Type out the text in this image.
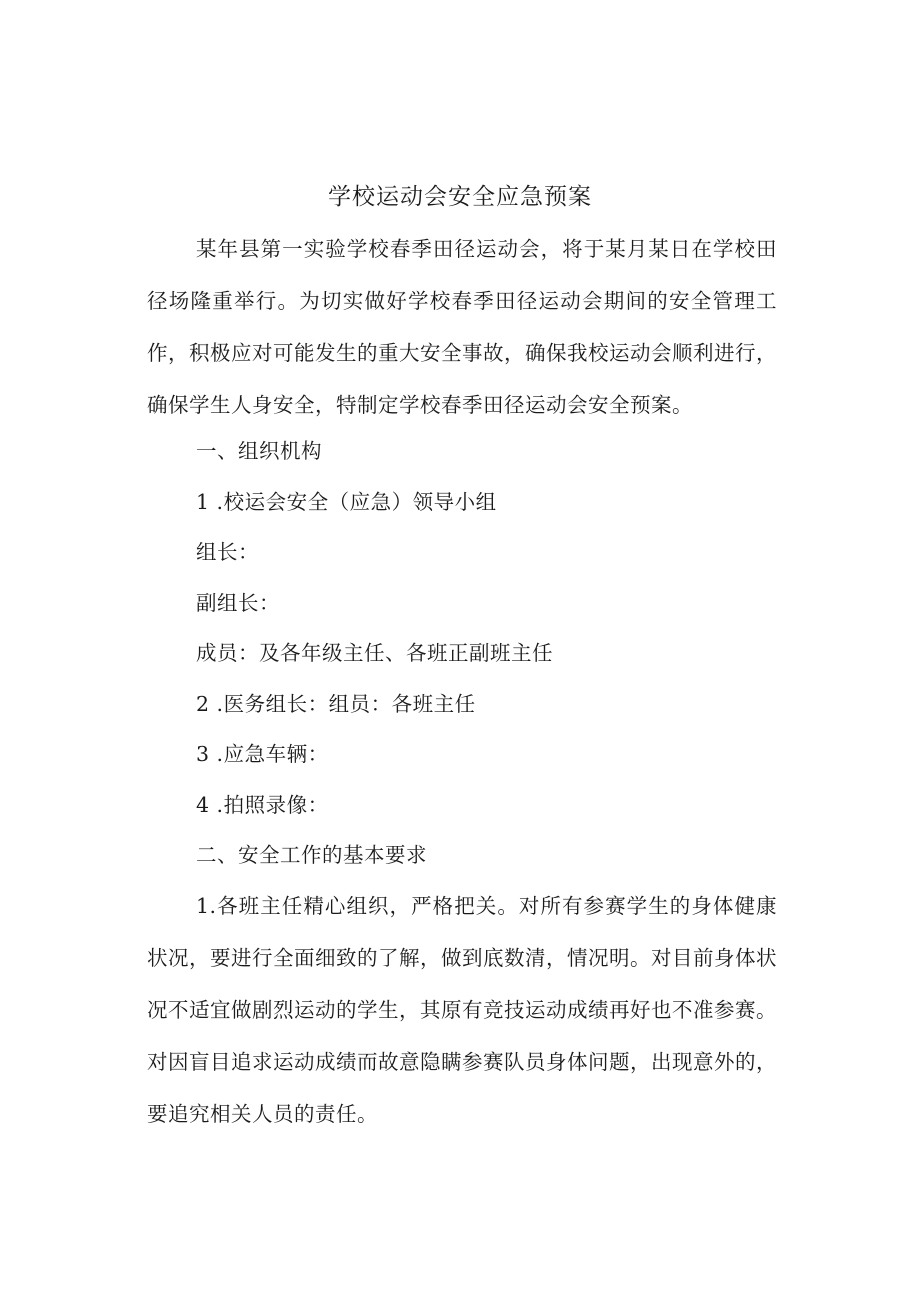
学校运动会安全应急预案

某年县第一实验学校春季田径运动会，将于某月某日在学校田径场隆重举行。为切实做好学校春季田径运动会期间的安全管理工作，积极应对可能发生的重大安全事故，确保我校运动会顺利进行，确保学生人身安全，特制定学校春季田径运动会安全预案。

一、组织机构

1 .校运会安全（应急）领导小组

组长：

副组长：

成员：及各年级主任、各班正副班主任

2 .医务组长：组员：各班主任

3 .应急车辆：

4 .拍照录像：

二、安全工作的基本要求

1.各班主任精心组织，严格把关。对所有参赛学生的身体健康状况，要进行全面细致的了解，做到底数清，情况明。对目前身体状况不适宜做剧烈运动的学生，其原有竞技运动成绩再好也不准参赛。对因盲目追求运动成绩而故意隐瞒参赛队员身体问题，出现意外的，要追究相关人员的责任。
